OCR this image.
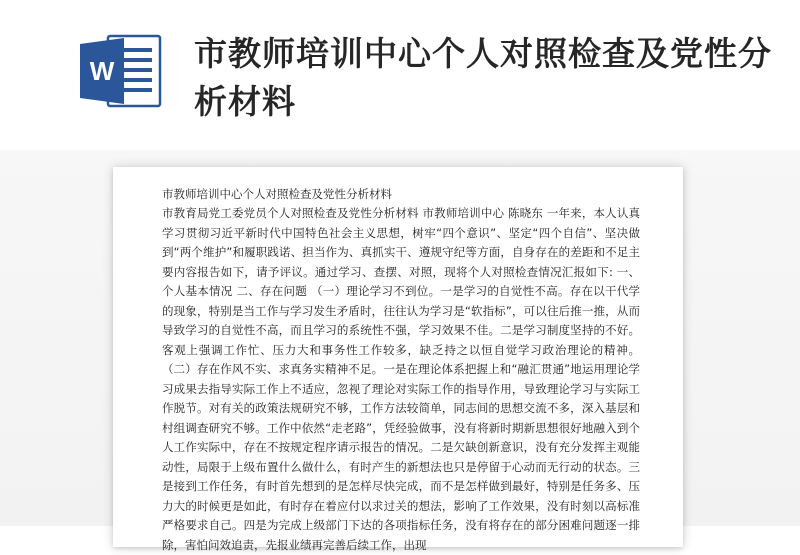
W 市教师培训中心个人对照检查及党性分析材料
市教师培训中心个人对照检查及党性分析材料
市教育局党工委党员个人对照检查及党性分析材料 市教师培训中心 陈晓东 一年来，本人认真学习贯彻习近平新时代中国特色社会主义思想，树牢“四个意识”、坚定“四个自信”、坚决做到“两个维护”和履职践诺、担当作为、真抓实干、遵规守纪等方面，自身存在的差距和不足主要内容报告如下，请予评议。通过学习、查摆、对照，现将个人对照检查情况汇报如下: 一、个人基本情况 二、存在问题 （一）理论学习不到位。一是学习的自觉性不高。存在以干代学的现象，特别是当工作与学习发生矛盾时，往往认为学习是“软指标”，可以往后推一推，从而导致学习的自觉性不高，而且学习的系统性不强，学习效果不佳。二是学习制度坚持的不好。客观上强调工作忙、压力大和事务性工作较多，缺乏持之以恒自觉学习政治理论的精神。 （二）存在作风不实、求真务实精神不足。一是在理论体系把握上和“融汇贯通”地运用理论学习成果去指导实际工作上不适应，忽视了理论对实际工作的指导作用，导致理论学习与实际工作脱节。对有关的政策法规研究不够，工作方法较简单，同志间的思想交流不多，深入基层和村组调查研究不够。工作中依然“走老路”，凭经验做事，没有将新时期新思想很好地融入到个人工作实际中，存在不按规定程序请示报告的情况。二是欠缺创新意识，没有充分发挥主观能动性，局限于上级布置什么做什么，有时产生的新想法也只是停留于心动而无行动的状态。三是接到工作任务，有时首先想到的是怎样尽快完成，而不是怎样做到最好，特别是任务多、压力大的时候更是如此，有时存在着应付以求过关的想法，影响了工作效果，没有时刻以高标准严格要求自己。四是为完成上级部门下达的各项指标任务，没有将存在的部分困难问题逐一排除，害怕问效追责，先报业绩再完善后续工作，出现
